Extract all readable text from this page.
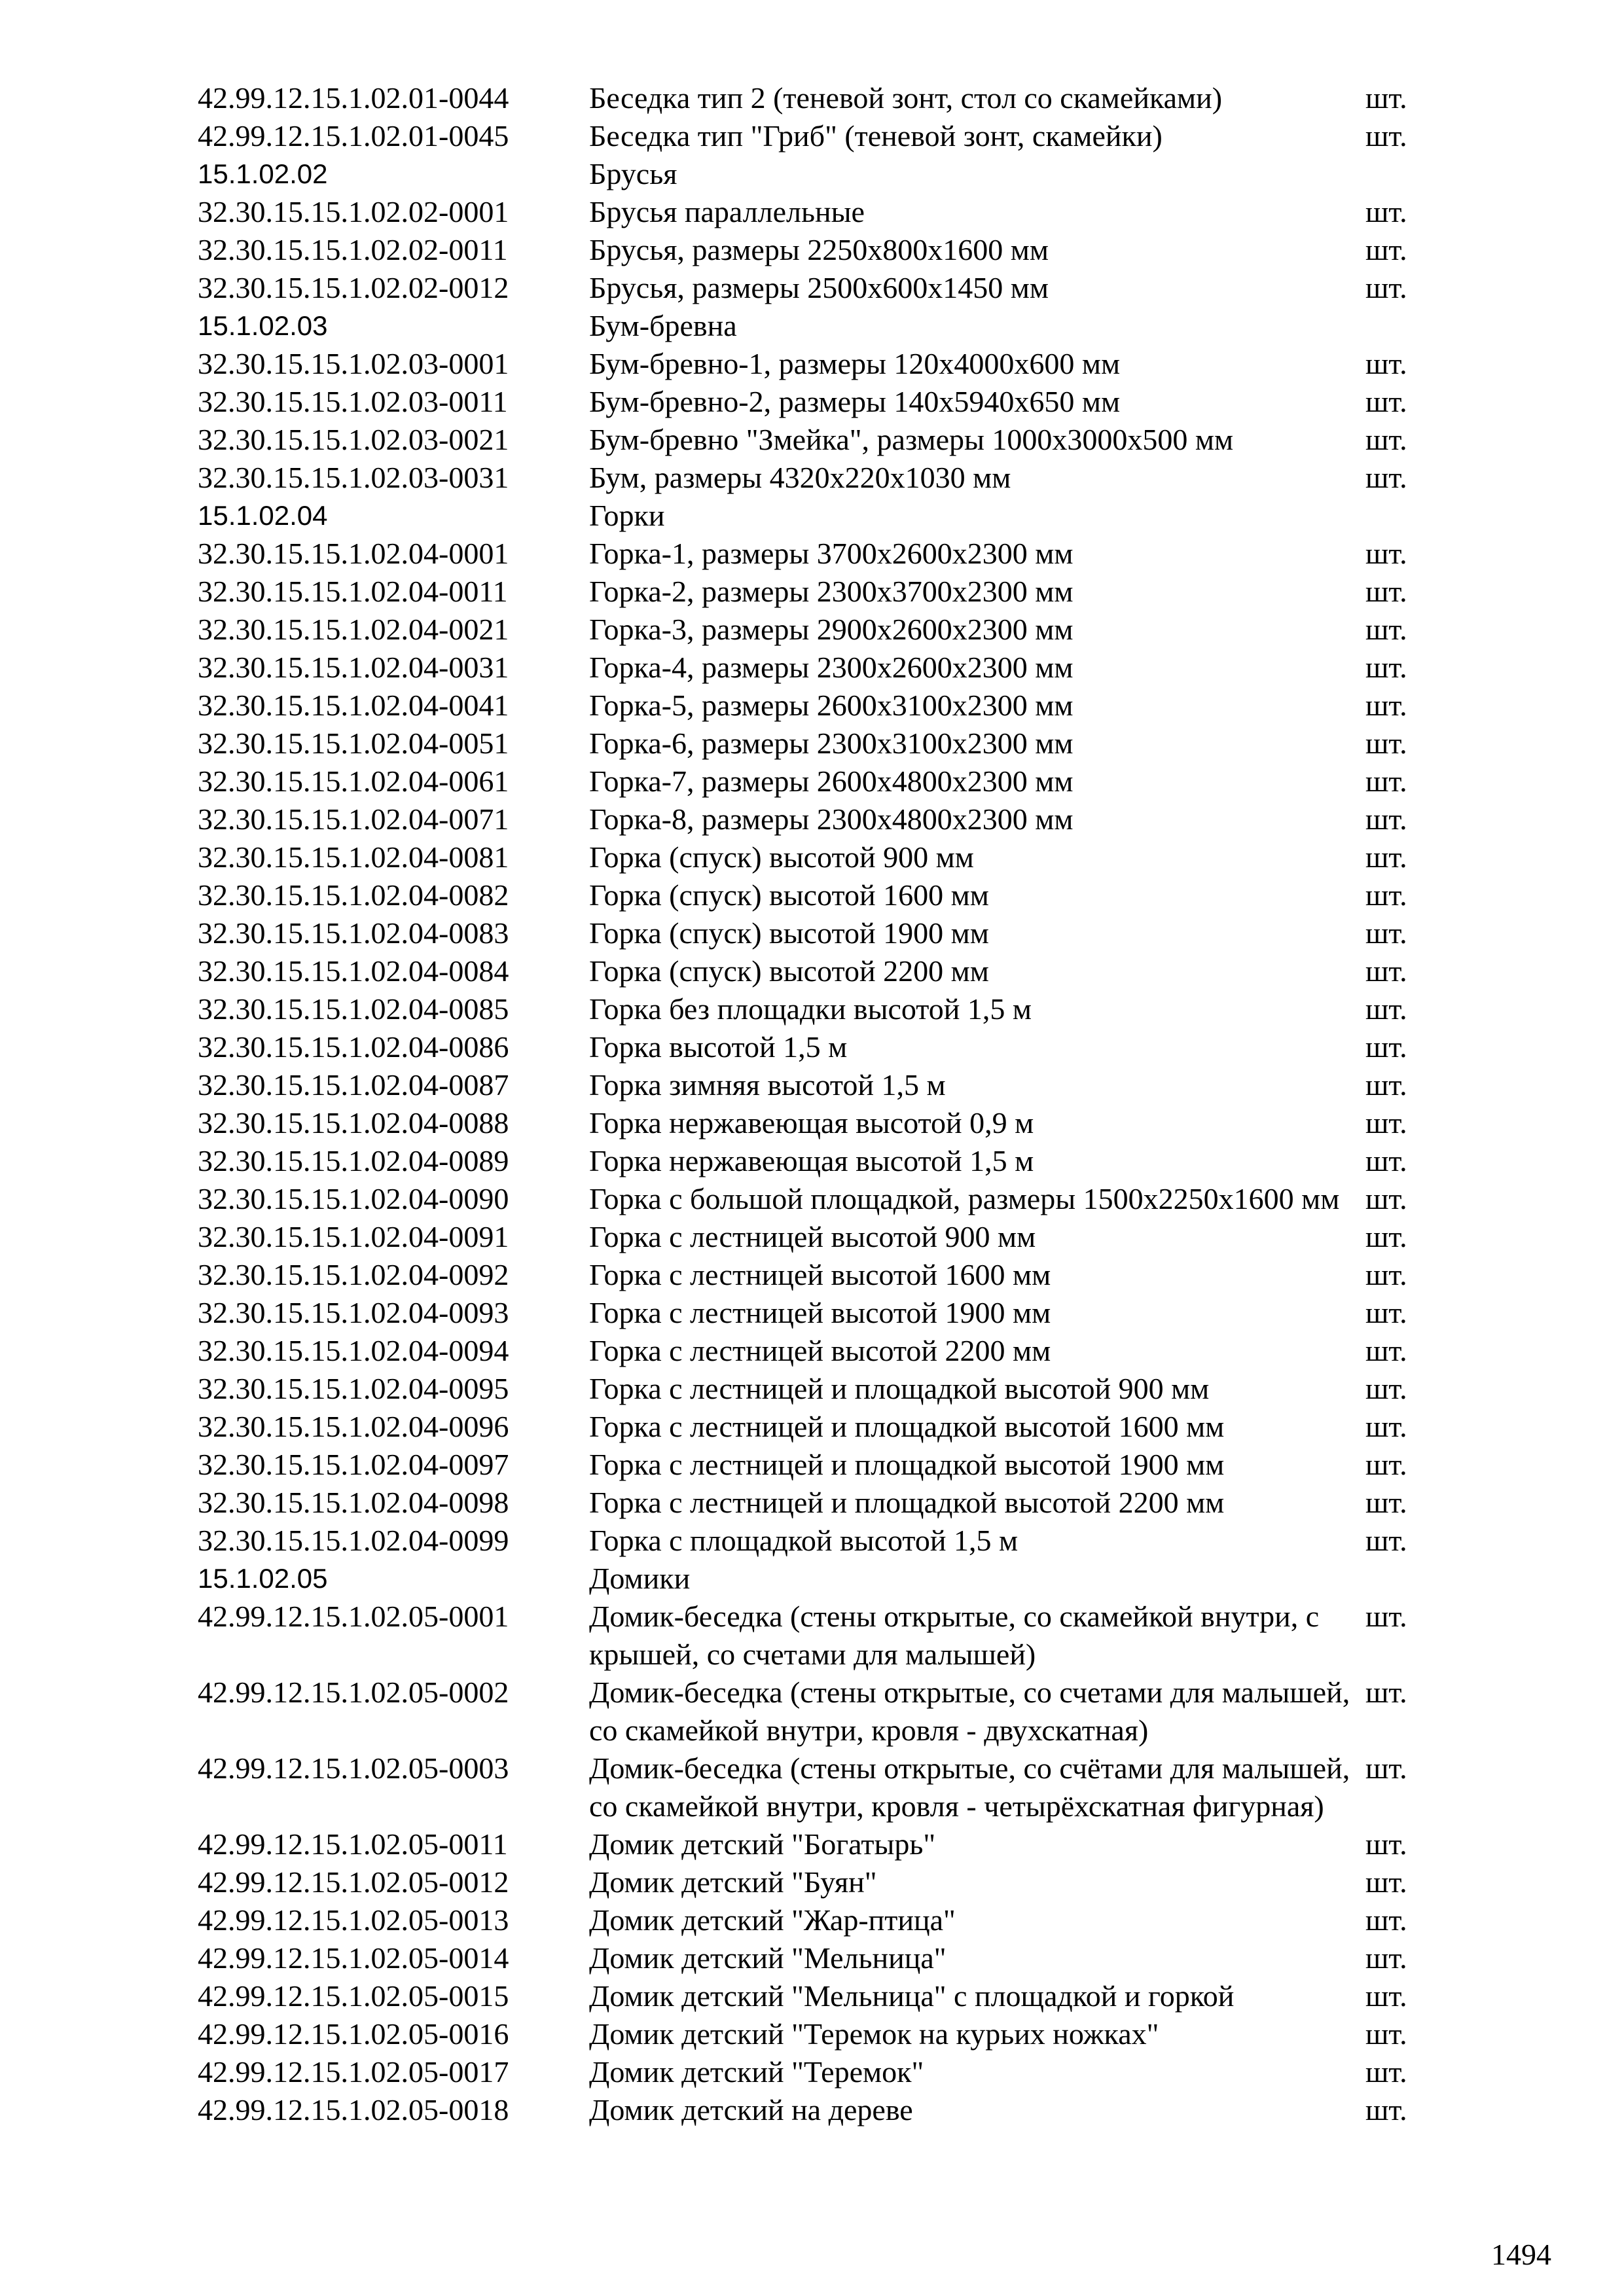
42.99.12.15.1.02.01-0044	Беседка тип 2 (теневой зонт, стол со скамейками)	шт.
42.99.12.15.1.02.01-0045	Беседка тип "Гриб" (теневой зонт, скамейки)	шт.
15.1.02.02	Брусья
32.30.15.15.1.02.02-0001	Брусья параллельные	шт.
32.30.15.15.1.02.02-0011	Брусья, размеры 2250х800х1600 мм	шт.
32.30.15.15.1.02.02-0012	Брусья, размеры 2500х600х1450 мм	шт.
15.1.02.03	Бум-бревна
32.30.15.15.1.02.03-0001	Бум-бревно-1, размеры 120х4000х600 мм	шт.
32.30.15.15.1.02.03-0011	Бум-бревно-2, размеры 140х5940х650 мм	шт.
32.30.15.15.1.02.03-0021	Бум-бревно "Змейка", размеры 1000х3000х500 мм	шт.
32.30.15.15.1.02.03-0031	Бум, размеры 4320х220х1030 мм	шт.
15.1.02.04	Горки
32.30.15.15.1.02.04-0001	Горка-1, размеры 3700х2600х2300 мм	шт.
32.30.15.15.1.02.04-0011	Горка-2, размеры 2300х3700х2300 мм	шт.
32.30.15.15.1.02.04-0021	Горка-3, размеры 2900х2600х2300 мм	шт.
32.30.15.15.1.02.04-0031	Горка-4, размеры 2300х2600х2300 мм	шт.
32.30.15.15.1.02.04-0041	Горка-5, размеры 2600х3100х2300 мм	шт.
32.30.15.15.1.02.04-0051	Горка-6, размеры 2300х3100х2300 мм	шт.
32.30.15.15.1.02.04-0061	Горка-7, размеры 2600х4800х2300 мм	шт.
32.30.15.15.1.02.04-0071	Горка-8, размеры 2300х4800х2300 мм	шт.
32.30.15.15.1.02.04-0081	Горка (спуск) высотой 900 мм	шт.
32.30.15.15.1.02.04-0082	Горка (спуск) высотой 1600 мм	шт.
32.30.15.15.1.02.04-0083	Горка (спуск) высотой 1900 мм	шт.
32.30.15.15.1.02.04-0084	Горка (спуск) высотой 2200 мм	шт.
32.30.15.15.1.02.04-0085	Горка без площадки высотой 1,5 м	шт.
32.30.15.15.1.02.04-0086	Горка высотой 1,5 м	шт.
32.30.15.15.1.02.04-0087	Горка зимняя высотой 1,5 м	шт.
32.30.15.15.1.02.04-0088	Горка нержавеющая высотой 0,9 м	шт.
32.30.15.15.1.02.04-0089	Горка нержавеющая высотой 1,5 м	шт.
32.30.15.15.1.02.04-0090	Горка с большой площадкой, размеры 1500х2250х1600 мм шт.
32.30.15.15.1.02.04-0091	Горка с лестницей высотой 900 мм	шт.
32.30.15.15.1.02.04-0092	Горка с лестницей высотой 1600 мм	шт.
32.30.15.15.1.02.04-0093	Горка с лестницей высотой 1900 мм	шт.
32.30.15.15.1.02.04-0094	Горка с лестницей высотой 2200 мм	шт.
32.30.15.15.1.02.04-0095	Горка с лестницей и площадкой высотой 900 мм	шт.
32.30.15.15.1.02.04-0096	Горка с лестницей и площадкой высотой 1600 мм	шт.
32.30.15.15.1.02.04-0097	Горка с лестницей и площадкой высотой 1900 мм	шт.
32.30.15.15.1.02.04-0098	Горка с лестницей и площадкой высотой 2200 мм	шт.
32.30.15.15.1.02.04-0099	Горка с площадкой высотой 1,5 м	шт.
15.1.02.05	Домики
42.99.12.15.1.02.05-0001	Домик-беседка (стены открытые, со скамейкой внутри, с крышей, со счетами для малышей)
шт.
42.99.12.15.1.02.05-0002	Домик-беседка (стены открытые, со счетами для малышей, со скамейкой внутри, кровля - двухскатная)
шт.
42.99.12.15.1.02.05-0003	Домик-беседка (стены открытые, со счётами для малышей, со скамейкой внутри, кровля - четырёхскатная фигурная)
шт.
42.99.12.15.1.02.05-0011	Домик детский "Богатырь"	шт.
42.99.12.15.1.02.05-0012	Домик детский "Буян"	шт.
42.99.12.15.1.02.05-0013	Домик детский "Жар-птица"	шт.
42.99.12.15.1.02.05-0014	Домик детский "Мельница"	шт.
42.99.12.15.1.02.05-0015	Домик детский "Мельница" с площадкой и горкой	шт.
42.99.12.15.1.02.05-0016	Домик детский "Теремок на курьих ножках"	шт.
42.99.12.15.1.02.05-0017	Домик детский "Теремок"	шт.
42.99.12.15.1.02.05-0018	Домик детский на дереве	шт.
1494
